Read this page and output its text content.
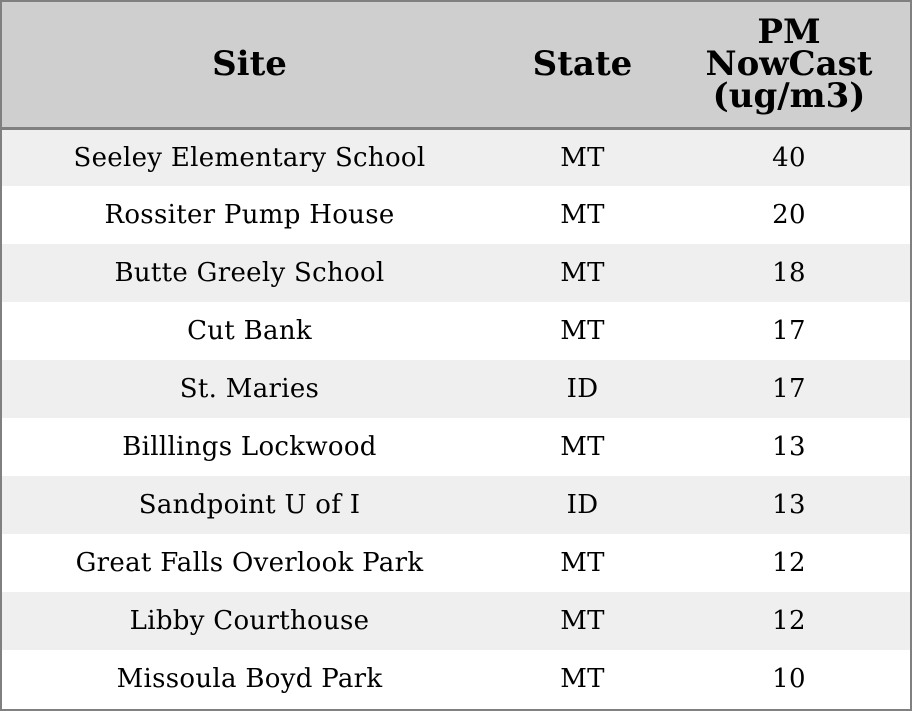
Site	State	PM NowCast (ug/m3)
Seeley Elementary School	MT	40
Rossiter Pump House	MT	20
Butte Greely School	MT	18
Cut Bank	MT	17
St. Maries	ID	17
Billlings Lockwood	MT	13
Sandpoint U of I	ID	13
Great Falls Overlook Park	MT	12
Libby Courthouse	MT	12
Missoula Boyd Park	MT	10
